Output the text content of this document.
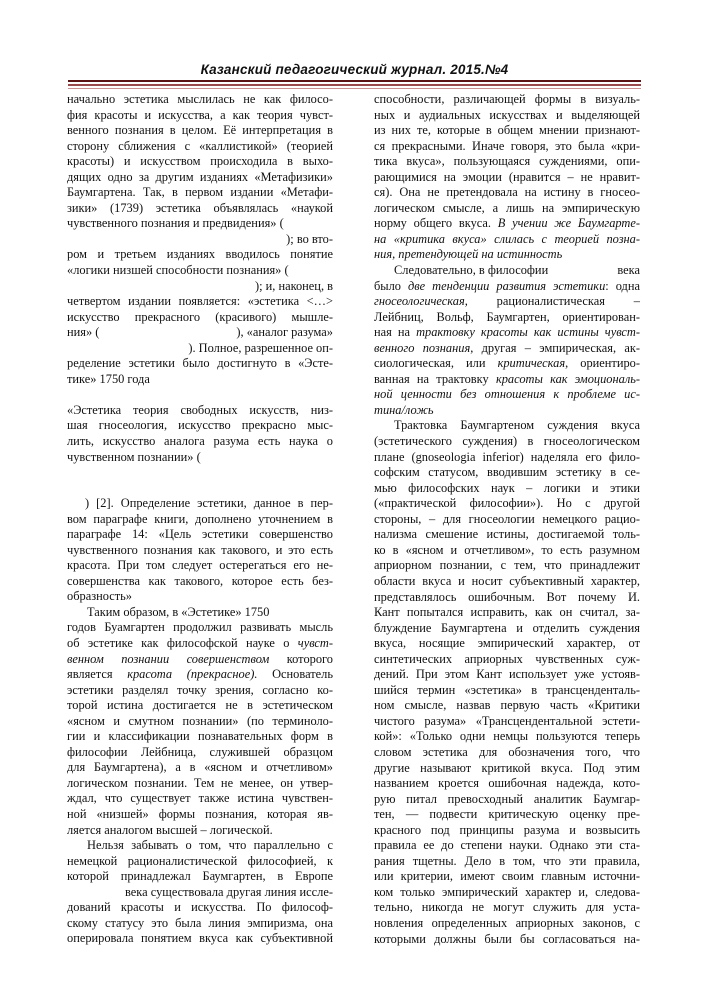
Казанский педагогический журнал. 2015.№4
начально эстетика мыслилась не как филосо-
фия красоты и искусства, а как теория чувст-
венного познания в целом. Её интерпретация в
сторону сближения с «каллистикой» (теорией
красоты) и искусством происходила в выхо-
дящих одно за другим изданиях «Метафизики»
Баумгартена. Так, в первом издании «Метафи-
зики» (1739) эстетика объявлялась «наукой
чувственного познания и предвидения» (
); во вто-
ром и третьем изданиях вводилось понятие
«логики низшей способности познания» (
); и, наконец, в
четвертом издании появляется: «эстетика <…>
искусство прекрасного (красивого) мышле-
ния» (	), «аналог разума»
). Полное, разрешенное оп-
ределение эстетики было достигнуто в «Эсте-
тике» 1750 года
«Эстетика теория свободных искусств, низ-
шая гносеология, искусство прекрасно мыс-
лить, искусство аналога разума есть наука о
чувственном познании» (
) [2]. Определение эстетики, данное в пер-
вом параграфе книги, дополнено уточнением в
параграфе 14: «Цель эстетики совершенство
чувственного познания как такового, и это есть
красота. При том следует остерегаться его не-
совершенства как такового, которое есть без-
образность»
Таким образом, в «Эстетике» 1750
годов Буамгартен продолжил развивать мысль
об эстетике как философской науке о чувст-
венном познании совершенством которого
является красота (прекрасное). Основатель
эстетики разделял точку зрения, согласно ко-
торой истина достигается не в эстетическом
«ясном и смутном познании» (по терминоло-
гии и классификации познавательных форм в
философии Лейбница, служившей образцом
для Баумгартена), а в «ясном и отчетливом»
логическом познании. Тем не менее, он утвер-
ждал, что существует также истина чувствен-
ной «низшей» формы познания, которая яв-
ляется аналогом высшей – логической.
Нельзя забывать о том, что параллельно с
немецкой рационалистической философией, к
которой принадлежал Баумгартен, в Европе
века существовала другая линия иссле-
дований красоты и искусства. По философ-
скому статусу это была линия эмпиризма, она
оперировала понятием вкуса как субъективной
способности, различающей формы в визуаль-
ных и аудиальных искусствах и выделяющей
из них те, которые в общем мнении признают-
ся прекрасными. Иначе говоря, это была «кри-
тика вкуса», пользующаяся суждениями, опи-
рающимися на эмоции (нравится – не нравит-
ся). Она не претендовала на истину в гносео-
логическом смысле, а лишь на эмпирическую
норму общего вкуса. В учении же Баумгарте-
на «критика вкуса» слилась с теорией позна-
ния, претендующей на истинность
Следовательно, в философии	века
было две тенденции развития эстетики: одна
гносеологическая, рационалистическая –
Лейбниц, Вольф, Баумгартен, ориентирован-
ная на трактовку красоты как истины чувст-
венного познания, другая – эмпирическая, ак-
сиологическая, или критическая, ориентиро-
ванная на трактовку красоты как эмоциональ-
ной ценности без отношения к проблеме ис-
тина/ложь
Трактовка Баумгартеном суждения вкуса
(эстетического суждения) в гносеологическом
плане (gnoseologia inferior) наделяла его фило-
софским статусом, вводившим эстетику в се-
мью философских наук – логики и этики
(«практической философии»). Но с другой
стороны, – для гносеологии немецкого рацио-
нализма смешение истины, достигаемой толь-
ко в «ясном и отчетливом», то есть разумном
априорном познании, с тем, что принадлежит
области вкуса и носит субъективный характер,
представлялось ошибочным. Вот почему И.
Кант попытался исправить, как он считал, за-
блуждение Баумгартена и отделить суждения
вкуса, носящие эмпирический характер, от
синтетических априорных чувственных суж-
дений. При этом Кант использует уже устояв-
шийся термин «эстетика» в трансценденталь-
ном смысле, назвав первую часть «Критики
чистого разума» «Трансцендентальной эстети-
кой»: «Только одни немцы пользуются теперь
словом эстетика для обозначения того, что
другие называют критикой вкуса. Под этим
названием кроется ошибочная надежда, кото-
рую питал превосходный аналитик Баумгар-
тен, — подвести критическую оценку пре-
красного под принципы разума и возвысить
правила ее до степени науки. Однако эти ста-
рания тщетны. Дело в том, что эти правила,
или критерии, имеют своим главным источни-
ком только эмпирический характер и, следова-
тельно, никогда не могут служить для уста-
новления определенных априорных законов, с
которыми должны были бы согласоваться на-
